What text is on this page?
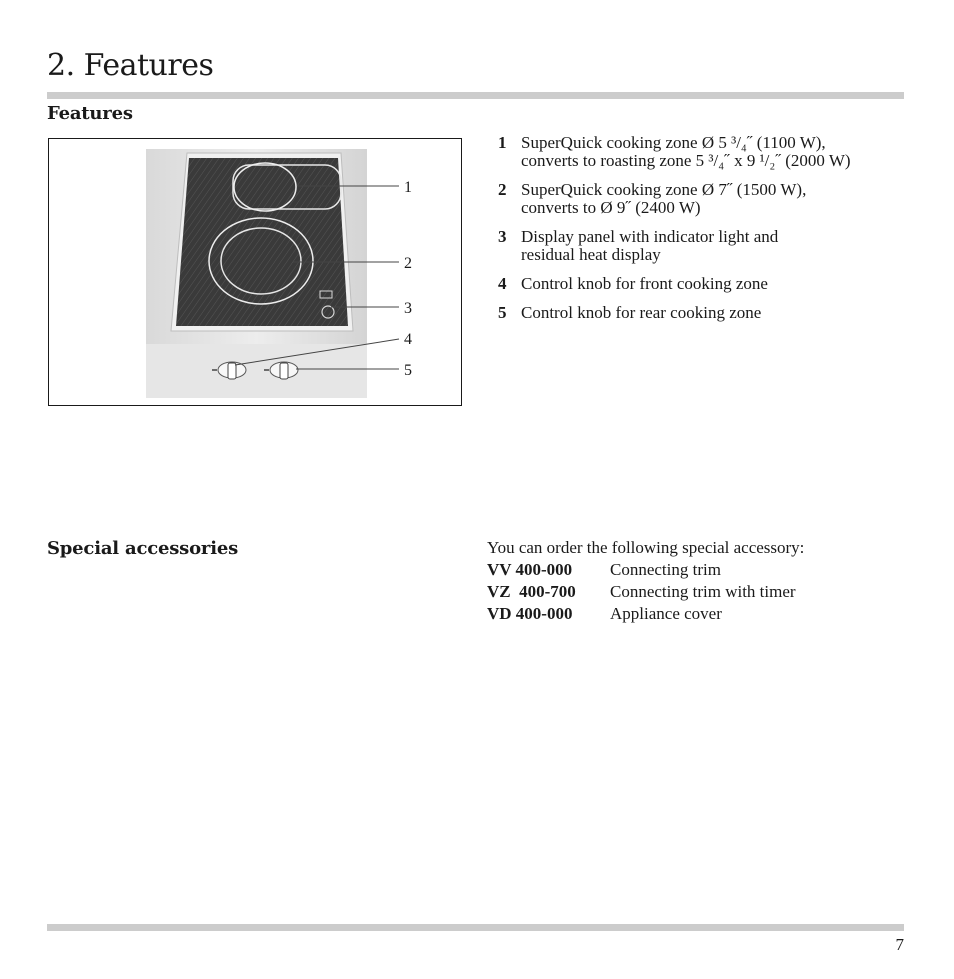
2. Features
Features
1
2
3
4
5
1 SuperQuick cooking zone Ø 5 ³/₄˝ (1100 W),
converts to roasting zone 5 ³/₄˝ x 9 ¹/₂˝ (2000 W)
2 SuperQuick cooking zone Ø 7˝ (1500 W),
converts to Ø 9˝ (2400 W)
3 Display panel with indicator light and
residual heat display
4 Control knob for front cooking zone
5 Control knob for rear cooking zone
Special accessories	You can order the following special accessory:
VV 400-000	Connecting trim
VZ  400-700	Connecting trim with timer
VD 400-000	Appliance cover
7
